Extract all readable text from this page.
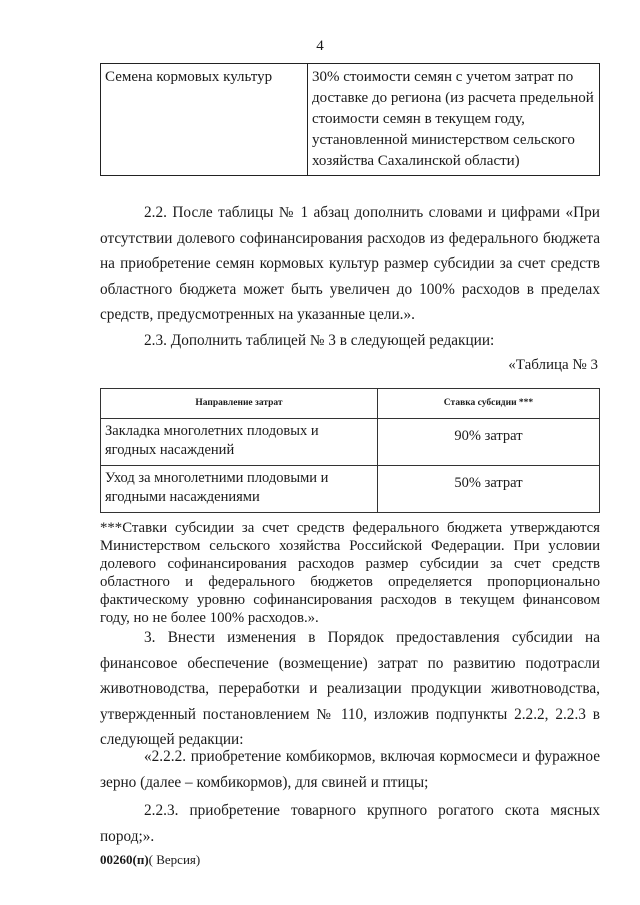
4
Семена кормовых культур	30% стоимости семян с учетом затрат по доставке до региона (из расчета предельной стоимости семян в текущем году, установленной министерством сельского хозяйства Сахалинской области)

2.2. После таблицы № 1 абзац дополнить словами и цифрами «При отсутствии долевого софинансирования расходов из федерального бюджета на приобретение семян кормовых культур размер субсидии за счет средств областного бюджета может быть увеличен до 100% расходов в пределах средств, предусмотренных на указанные цели.».

2.3. Дополнить таблицей № 3 в следующей редакции:

«Таблица № 3
Направление затрат	Ставка субсидии ***
Закладка многолетних плодовых и ягодных насаждений	90% затрат
Уход за многолетними плодовыми и ягодными насаждениями	50% затрат

***Ставки субсидии за счет средств федерального бюджета утверждаются Министерством сельского хозяйства Российской Федерации. При условии долевого софинансирования расходов размер субсидии за счет средств областного и федерального бюджетов определяется пропорционально фактическому уровню софинансирования расходов в текущем финансовом году, но не более 100% расходов.».

3. Внести изменения в Порядок предоставления субсидии на финансовое обеспечение (возмещение) затрат по развитию подотрасли животноводства, переработки и реализации продукции животноводства, утвержденный постановлением № 110, изложив подпункты 2.2.2, 2.2.3 в следующей редакции:

«2.2.2. приобретение комбикормов, включая кормосмеси и фуражное зерно (далее – комбикормов), для свиней и птицы;

2.2.3. приобретение товарного крупного рогатого скота мясных пород;».

00260(п)( Версия)
